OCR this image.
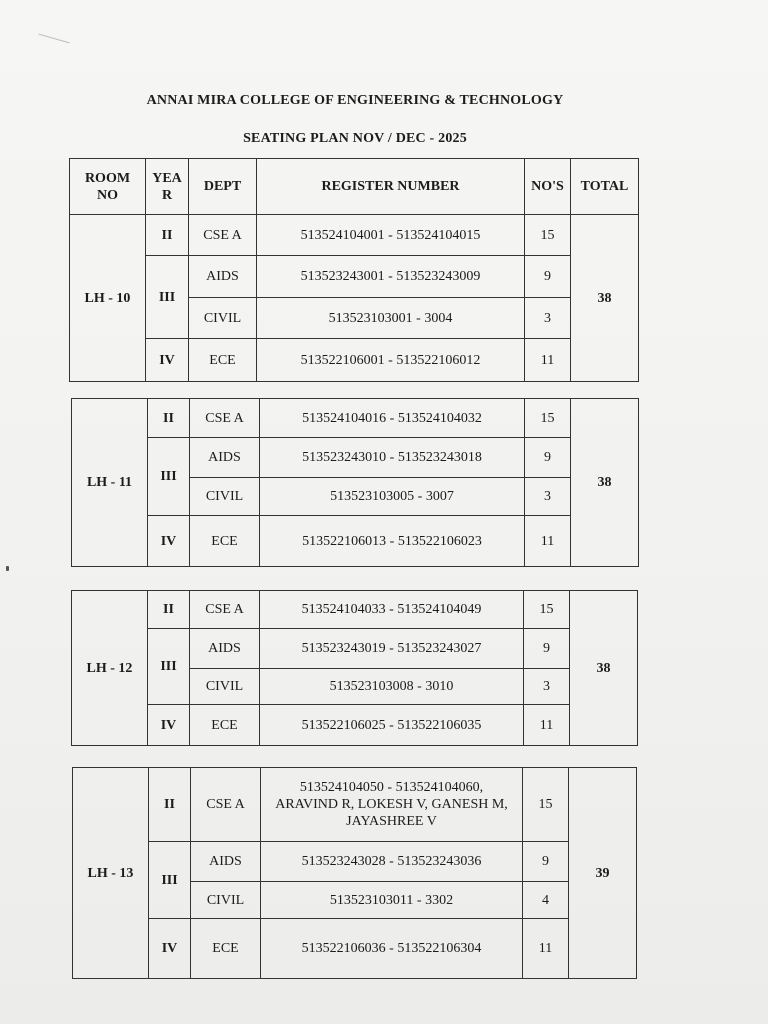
ANNAI MIRA COLLEGE OF ENGINEERING & TECHNOLOGY
SEATING PLAN NOV / DEC - 2025
ROOM NO	YEA R	DEPT	REGISTER NUMBER	NO'S	TOTAL
LH - 10	II	CSE A	513524104001 - 513524104015	15	38
	III	AIDS	513523243001 - 513523243009	9	
		CIVIL	513523103001 - 3004	3	
	IV	ECE	513522106001 - 513522106012	11	
LH - 11	II	CSE A	513524104016 - 513524104032	15	38
	III	AIDS	513523243010 - 513523243018	9	
		CIVIL	513523103005 - 3007	3	
	IV	ECE	513522106013 - 513522106023	11	
LH - 12	II	CSE A	513524104033 - 513524104049	15	38
	III	AIDS	513523243019 - 513523243027	9	
		CIVIL	513523103008 - 3010	3	
	IV	ECE	513522106025 - 513522106035	11	
LH - 13	II	CSE A	513524104050 - 513524104060,
ARAVIND R, LOKESH V, GANESH M,
JAYASHREE V	15	39
	III	AIDS	513523243028 - 513523243036	9	
		CIVIL	513523103011 - 3302	4	
	IV	ECE	513522106036 - 513522106304	11	
